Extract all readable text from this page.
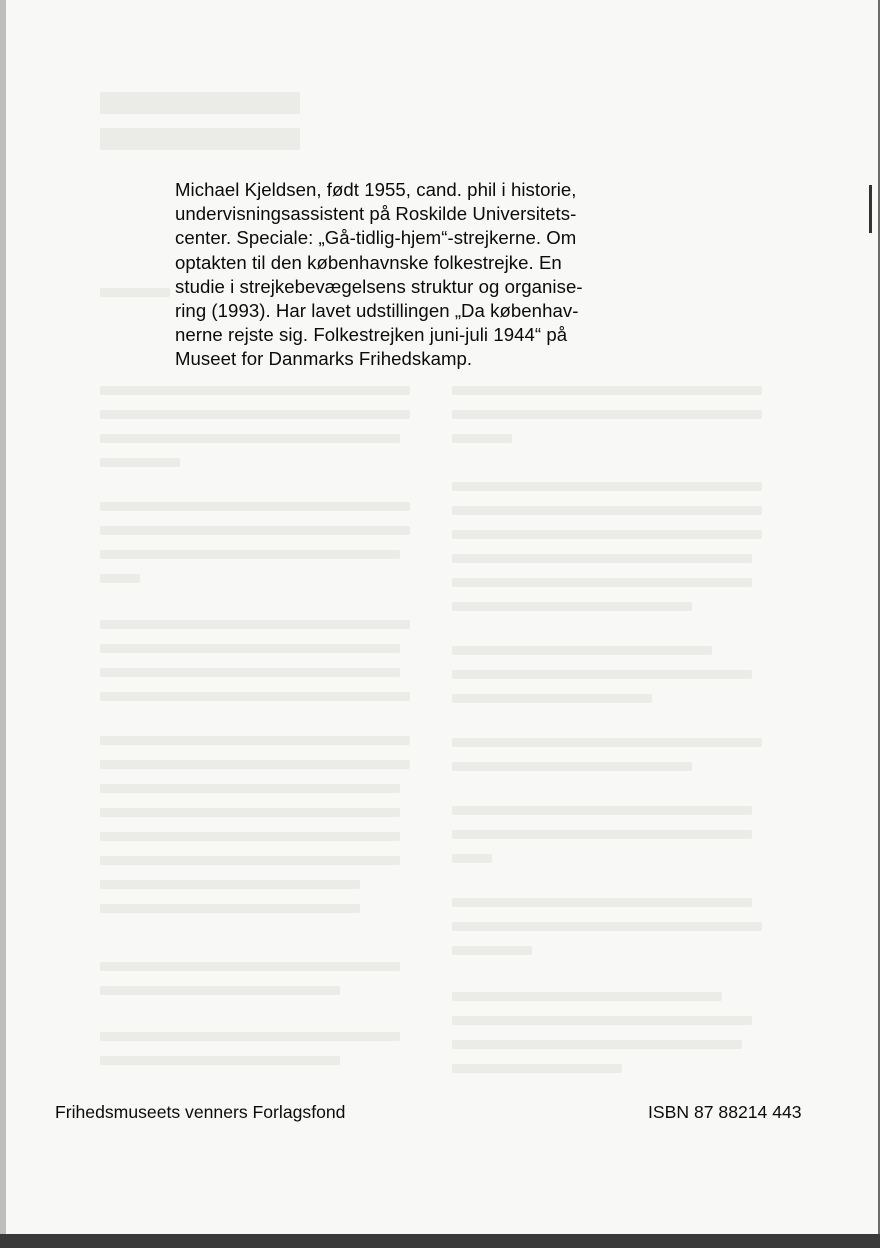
Michael Kjeldsen, født 1955, cand. phil i historie,
undervisningsassistent på Roskilde Universitets-
center. Speciale: „Gå-tidlig-hjem“-strejkerne. Om
optakten til den københavnske folkestrejke. En
studie i strejkebevægelsens struktur og organise-
ring (1993). Har lavet udstillingen „Da københav-
nerne rejste sig. Folkestrejken juni-juli 1944“ på
Museet for Danmarks Frihedskamp.
Frihedsmuseets venners Forlagsfond	ISBN 87 88214 443
